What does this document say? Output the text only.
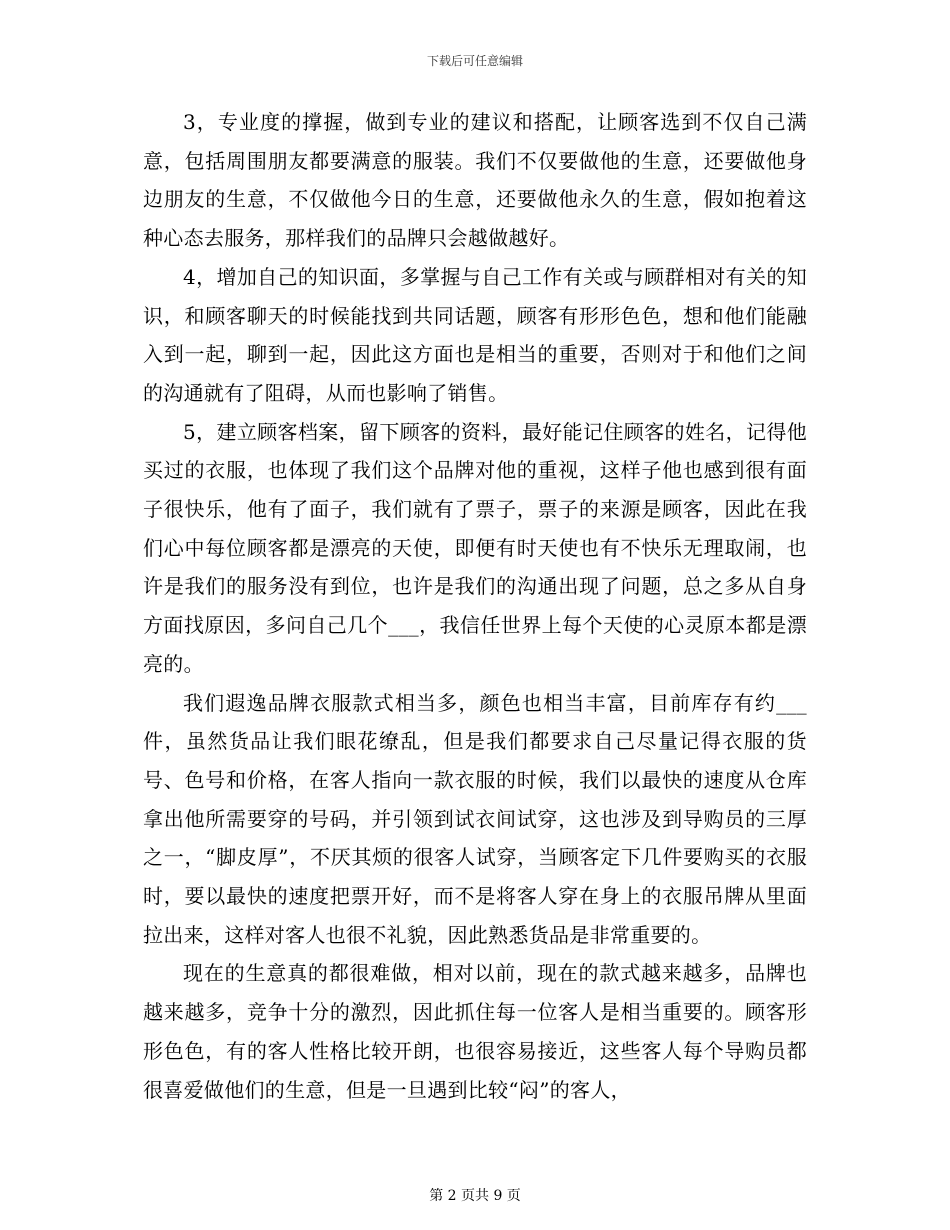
下载后可任意编辑

3，专业度的撑握，做到专业的建议和搭配，让顾客选到不仅自己满意，包括周围朋友都要满意的服装。我们不仅要做他的生意，还要做他身边朋友的生意，不仅做他今日的生意，还要做他永久的生意，假如抱着这种心态去服务，那样我们的品牌只会越做越好。

4，增加自己的知识面，多掌握与自己工作有关或与顾群相对有关的知识，和顾客聊天的时候能找到共同话题，顾客有形形色色，想和他们能融入到一起，聊到一起，因此这方面也是相当的重要，否则对于和他们之间的沟通就有了阻碍，从而也影响了销售。

5，建立顾客档案，留下顾客的资料，最好能记住顾客的姓名，记得他买过的衣服，也体现了我们这个品牌对他的重视，这样子他也感到很有面子很快乐，他有了面子，我们就有了票子，票子的来源是顾客，因此在我们心中每位顾客都是漂亮的天使，即便有时天使也有不快乐无理取闹，也许是我们的服务没有到位，也许是我们的沟通出现了问题，总之多从自身方面找原因，多问自己几个___，我信任世界上每个天使的心灵原本都是漂亮的。

我们遐逸品牌衣服款式相当多，颜色也相当丰富，目前库存有约___件，虽然货品让我们眼花缭乱，但是我们都要求自己尽量记得衣服的货号、色号和价格，在客人指向一款衣服的时候，我们以最快的速度从仓库拿出他所需要穿的号码，并引领到试衣间试穿，这也涉及到导购员的三厚之一，“脚皮厚”，不厌其烦的很客人试穿，当顾客定下几件要购买的衣服时，要以最快的速度把票开好，而不是将客人穿在身上的衣服吊牌从里面拉出来，这样对客人也很不礼貌，因此熟悉货品是非常重要的。

现在的生意真的都很难做，相对以前，现在的款式越来越多，品牌也越来越多，竞争十分的激烈，因此抓住每一位客人是相当重要的。顾客形形色色，有的客人性格比较开朗，也很容易接近，这些客人每个导购员都很喜爱做他们的生意，但是一旦遇到比较“闷”的客人，

第 2 页共 9 页
